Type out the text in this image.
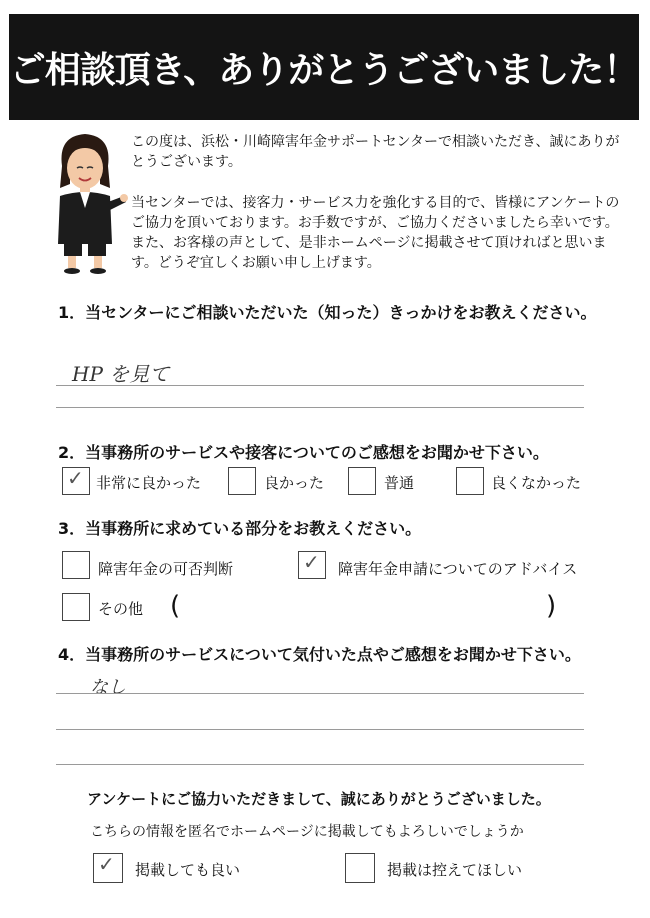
ご相談頂き、ありがとうございました！

この度は、浜松・川崎障害年金サポートセンターで相談いただき、誠にありがとうございます。

当センターでは、接客力・サービス力を強化する目的で、皆様にアンケートのご協力を頂いております。お手数ですが、ご協力くださいましたら幸いです。また、お客様の声として、是非ホームページに掲載させて頂ければと思います。どうぞ宜しくお願い申し上げます。

1．当センターにご相談いただいた（知った）きっかけをお教えください。

HP を見て

2．当事務所のサービスや接客についてのご感想をお聞かせ下さい。

✓ 非常に良かった	良かった	普通	良くなかった

3．当事務所に求めている部分をお教えください。

障害年金の可否判断	✓ 障害年金申請についてのアドバイス
その他 (	)

4．当事務所のサービスについて気付いた点やご感想をお聞かせ下さい。

なし

アンケートにご協力いただきまして、誠にありがとうございました。

こちらの情報を匿名でホームページに掲載してもよろしいでしょうか

✓ 掲載しても良い	掲載は控えてほしい
